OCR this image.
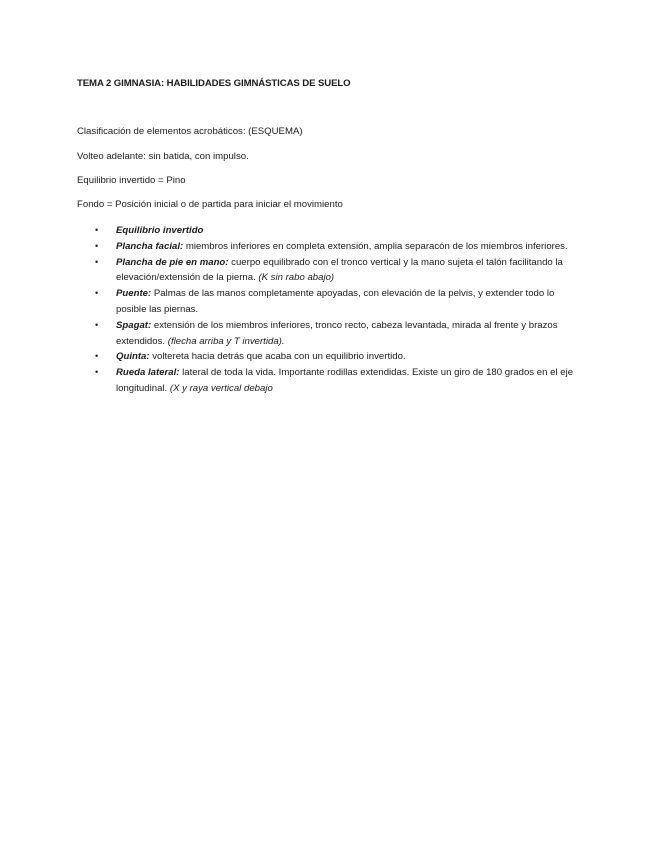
TEMA 2 GIMNASIA: HABILIDADES GIMNÁSTICAS DE SUELO
Clasificación de elementos acrobáticos: (ESQUEMA)
Volteo adelante: sin batida, con impulso.
Equilibrio invertido = Pino
Fondo = Posición inicial o de partida para iniciar el movimiento
• Equilibrio invertido
• Plancha facial: miembros inferiores en completa extensión, amplia separacón de los miembros inferiores.
• Plancha de pie en mano: cuerpo equilibrado con el tronco vertical y la mano sujeta el talón facilitando la elevación/extensión de la pierna. (K sin rabo abajo)
• Puente: Palmas de las manos completamente apoyadas, con elevación de la pelvis, y extender todo lo posible las piernas.
• Spagat: extensión de los miembros inferiores, tronco recto, cabeza levantada, mirada al frente y brazos extendidos. (flecha arriba y T invertida).
• Quinta: voltereta hacia detrás que acaba con un equilibrio invertido.
• Rueda lateral: lateral de toda la vida. Importante rodillas extendidas. Existe un giro de 180 grados en el eje longitudinal. (X y raya vertical debajo
